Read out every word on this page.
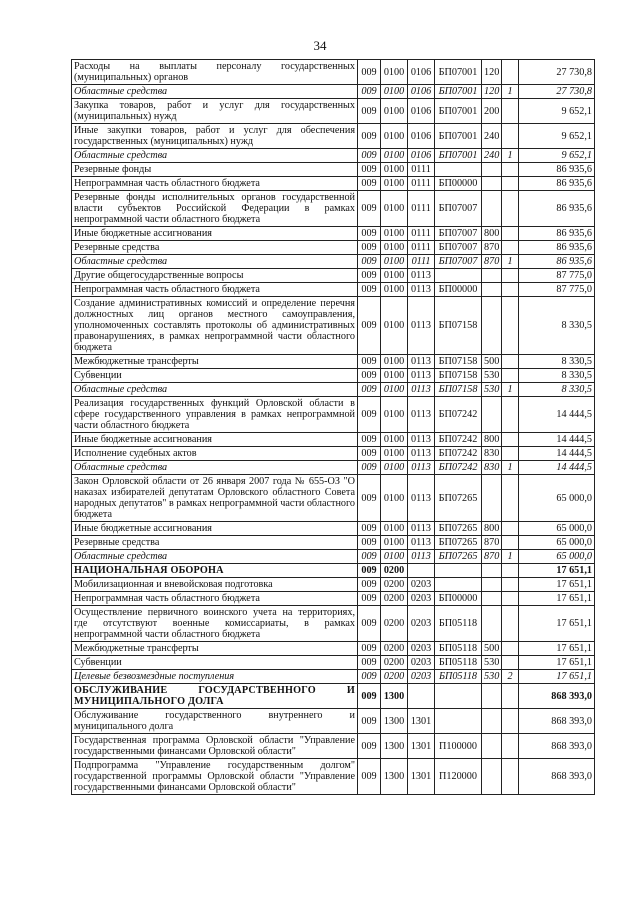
34
Расходы на выплаты персоналу государственных (муниципальных) органов	009	0100	0106	БП07001	120		27 730,8
Областные средства	009	0100	0106	БП07001	120	1	27 730,8
Закупка товаров, работ и услуг для государственных (муниципальных) нужд	009	0100	0106	БП07001	200		9 652,1
Иные закупки товаров, работ и услуг для обеспечения государственных (муниципальных) нужд	009	0100	0106	БП07001	240		9 652,1
Областные средства	009	0100	0106	БП07001	240	1	9 652,1
Резервные фонды	009	0100	0111				86 935,6
Непрограммная часть областного бюджета	009	0100	0111	БП00000			86 935,6
Резервные фонды исполнительных органов государственной власти субъектов Российской Федерации в рамках непрограммной части областного бюджета	009	0100	0111	БП07007			86 935,6
Иные бюджетные ассигнования	009	0100	0111	БП07007	800		86 935,6
Резервные средства	009	0100	0111	БП07007	870		86 935,6
Областные средства	009	0100	0111	БП07007	870	1	86 935,6
Другие общегосударственные вопросы	009	0100	0113				87 775,0
Непрограммная часть областного бюджета	009	0100	0113	БП00000			87 775,0
Создание административных комиссий и определение перечня должностных лиц органов местного самоуправления, уполномоченных составлять протоколы об административных правонарушениях, в рамках непрограммной части областного бюджета	009	0100	0113	БП07158			8 330,5
Межбюджетные трансферты	009	0100	0113	БП07158	500		8 330,5
Субвенции	009	0100	0113	БП07158	530		8 330,5
Областные средства	009	0100	0113	БП07158	530	1	8 330,5
Реализация государственных функций Орловской области в сфере государственного управления в рамках непрограммной части областного бюджета	009	0100	0113	БП07242			14 444,5
Иные бюджетные ассигнования	009	0100	0113	БП07242	800		14 444,5
Исполнение судебных актов	009	0100	0113	БП07242	830		14 444,5
Областные средства	009	0100	0113	БП07242	830	1	14 444,5
Закон Орловской области от 26 января 2007 года № 655-ОЗ "О наказах избирателей депутатам Орловского областного Совета народных депутатов" в рамках непрограммной части областного бюджета	009	0100	0113	БП07265			65 000,0
Иные бюджетные ассигнования	009	0100	0113	БП07265	800		65 000,0
Резервные средства	009	0100	0113	БП07265	870		65 000,0
Областные средства	009	0100	0113	БП07265	870	1	65 000,0
НАЦИОНАЛЬНАЯ ОБОРОНА	009	0200					17 651,1
Мобилизационная и вневойсковая подготовка	009	0200	0203				17 651,1
Непрограммная часть областного бюджета	009	0200	0203	БП00000			17 651,1
Осуществление первичного воинского учета на территориях, где отсутствуют военные комиссариаты, в рамках непрограммной части областного бюджета	009	0200	0203	БП05118			17 651,1
Межбюджетные трансферты	009	0200	0203	БП05118	500		17 651,1
Субвенции	009	0200	0203	БП05118	530		17 651,1
Целевые безвозмездные поступления	009	0200	0203	БП05118	530	2	17 651,1
ОБСЛУЖИВАНИЕ ГОСУДАРСТВЕННОГО И МУНИЦИПАЛЬНОГО ДОЛГА	009	1300					868 393,0
Обслуживание государственного внутреннего и муниципального долга	009	1300	1301				868 393,0
Государственная программа Орловской области "Управление государственными финансами Орловской области"	009	1300	1301	П100000			868 393,0
Подпрограмма "Управление государственным долгом" государственной программы Орловской области "Управление государственными финансами Орловской области"	009	1300	1301	П120000			868 393,0
